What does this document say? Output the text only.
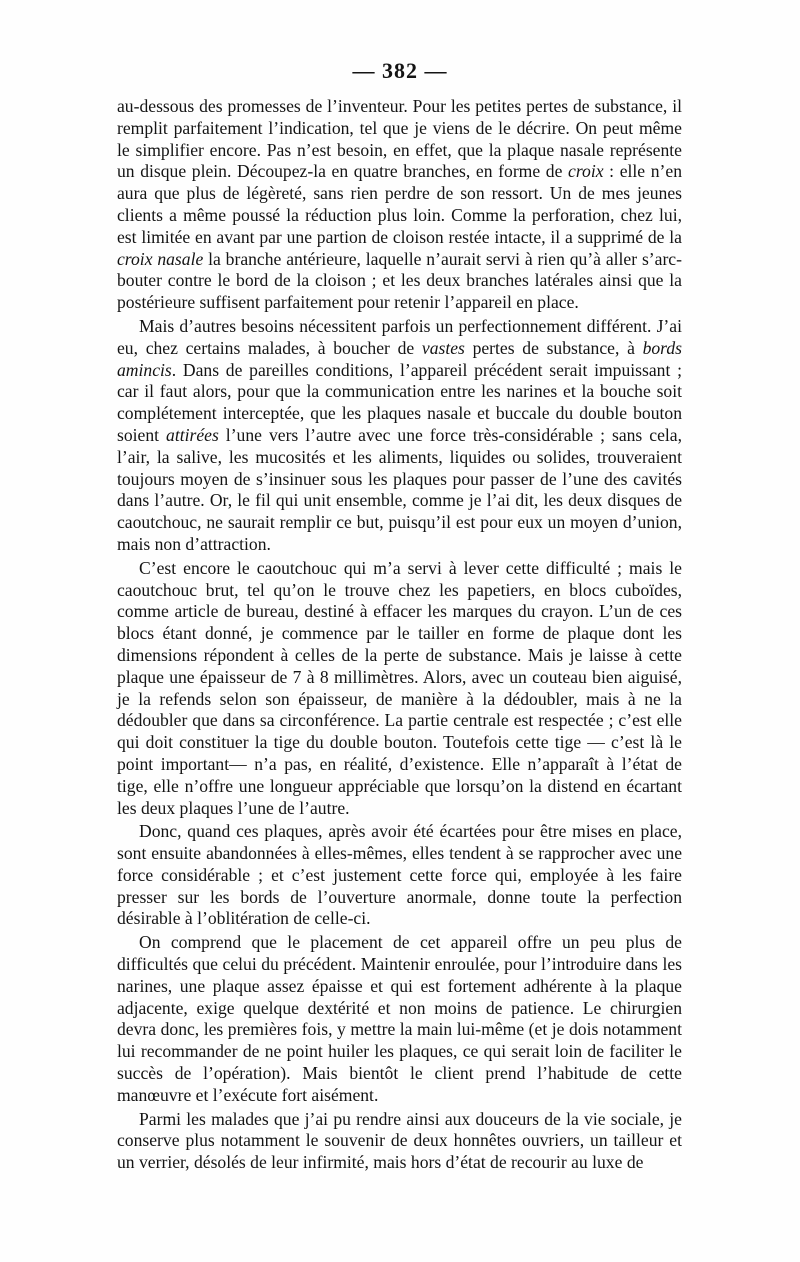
— 382 —

au-dessous des promesses de l’inventeur. Pour les petites pertes de substance, il remplit parfaitement l’indication, tel que je viens de le décrire. On peut même le simplifier encore. Pas n’est besoin, en effet, que la plaque nasale représente un disque plein. Découpez-la en quatre branches, en forme de croix : elle n’en aura que plus de légèreté, sans rien perdre de son ressort. Un de mes jeunes clients a même poussé la réduction plus loin. Comme la perforation, chez lui, est limitée en avant par une partion de cloison restée intacte, il a supprimé de la croix nasale la branche antérieure, laquelle n’aurait servi à rien qu’à aller s’arc-bouter contre le bord de la cloison ; et les deux branches latérales ainsi que la postérieure suffisent parfaitement pour retenir l’appareil en place.

Mais d’autres besoins nécessitent parfois un perfectionnement différent. J’ai eu, chez certains malades, à boucher de vastes pertes de substance, à bords amincis. Dans de pareilles conditions, l’appareil précédent serait impuissant ; car il faut alors, pour que la communication entre les narines et la bouche soit complétement interceptée, que les plaques nasale et buccale du double bouton soient attirées l’une vers l’autre avec une force très-considérable ; sans cela, l’air, la salive, les mucosités et les aliments, liquides ou solides, trouveraient toujours moyen de s’insinuer sous les plaques pour passer de l’une des cavités dans l’autre. Or, le fil qui unit ensemble, comme je l’ai dit, les deux disques de caoutchouc, ne saurait remplir ce but, puisqu’il est pour eux un moyen d’union, mais non d’attraction.

C’est encore le caoutchouc qui m’a servi à lever cette difficulté ; mais le caoutchouc brut, tel qu’on le trouve chez les papetiers, en blocs cuboïdes, comme article de bureau, destiné à effacer les marques du crayon. L’un de ces blocs étant donné, je commence par le tailler en forme de plaque dont les dimensions répondent à celles de la perte de substance. Mais je laisse à cette plaque une épaisseur de 7 à 8 millimètres. Alors, avec un couteau bien aiguisé, je la refends selon son épaisseur, de manière à la dédoubler, mais à ne la dédoubler que dans sa circonférence. La partie centrale est respectée ; c’est elle qui doit constituer la tige du double bouton. Toutefois cette tige — c’est là le point important— n’a pas, en réalité, d’existence. Elle n’apparaît à l’état de tige, elle n’offre une longueur appréciable que lorsqu’on la distend en écartant les deux plaques l’une de l’autre.

Donc, quand ces plaques, après avoir été écartées pour être mises en place, sont ensuite abandonnées à elles-mêmes, elles tendent à se rapprocher avec une force considérable ; et c’est justement cette force qui, employée à les faire presser sur les bords de l’ouverture anormale, donne toute la perfection désirable à l’oblitération de celle-ci.

On comprend que le placement de cet appareil offre un peu plus de difficultés que celui du précédent. Maintenir enroulée, pour l’introduire dans les narines, une plaque assez épaisse et qui est fortement adhérente à la plaque adjacente, exige quelque dextérité et non moins de patience. Le chirurgien devra donc, les premières fois, y mettre la main lui-même (et je dois notamment lui recommander de ne point huiler les plaques, ce qui serait loin de faciliter le succès de l’opération). Mais bientôt le client prend l’habitude de cette manœuvre et l’exécute fort aisément.

Parmi les malades que j’ai pu rendre ainsi aux douceurs de la vie sociale, je conserve plus notamment le souvenir de deux honnêtes ouvriers, un tailleur et un verrier, désolés de leur infirmité, mais hors d’état de recourir au luxe de
